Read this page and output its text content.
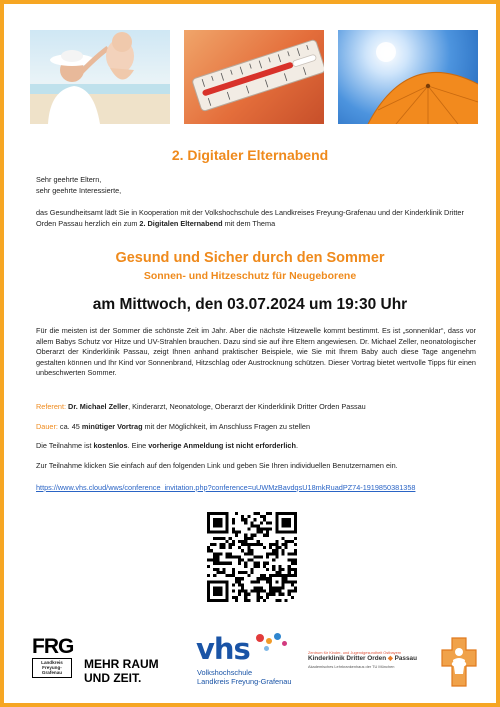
2. Digitaler Elternabend
Sehr geehrte Eltern,
sehr geehrte Interessierte,
das Gesundheitsamt lädt Sie in Kooperation mit der Volkshochschule des Landkreises Freyung-Grafenau und der Kinderklinik Dritter Orden Passau herzlich ein zum 2. Digitalen Elternabend mit dem Thema
Gesund und Sicher durch den Sommer
Sonnen- und Hitzeschutz für Neugeborene
am Mittwoch, den 03.07.2024 um 19:30 Uhr
Für die meisten ist der Sommer die schönste Zeit im Jahr. Aber die nächste Hitzewelle kommt bestimmt. Es ist „sonnenklar“, dass vor allem Babys Schutz vor Hitze und UV-Strahlen brauchen. Dazu sind sie auf ihre Eltern angewiesen. Dr. Michael Zeller, neonatologischer Oberarzt der Kinderklinik Passau, zeigt Ihnen anhand praktischer Beispiele, wie Sie mit Ihrem Baby auch diese Tage angenehm gestalten können und Ihr Kind vor Sonnenbrand, Hitzschlag oder Austrocknung schützen. Dieser Vortrag bietet wertvolle Tipps für einen unbeschwerten Sommer.
Referent: Dr. Michael Zeller, Kinderarzt, Neonatologe, Oberarzt der Kinderklinik Dritter Orden Passau
Dauer: ca. 45 minütiger Vortrag mit der Möglichkeit, im Anschluss Fragen zu stellen
Die Teilnahme ist kostenlos. Eine vorherige Anmeldung ist nicht erforderlich.
Zur Teilnahme klicken Sie einfach auf den folgenden Link und geben Sie Ihren individuellen Benutzernamen ein.
https://www.vhs.cloud/wws/conference_invitation.php?conference=uUWMzBavdqsU18mkRuadPZ74-1919850381358
FRG
Landkreis
Freyung-
Grafenau
MEHR RAUM
UND ZEIT.
vhs
Volkshochschule
Landkreis Freyung-Grafenau
Zentrum für Kinder- und Jugendgesundheit Ostbayern
Kinderklinik Dritter Orden ◆ Passau
Akademisches Lehrkrankenhaus der TU München
